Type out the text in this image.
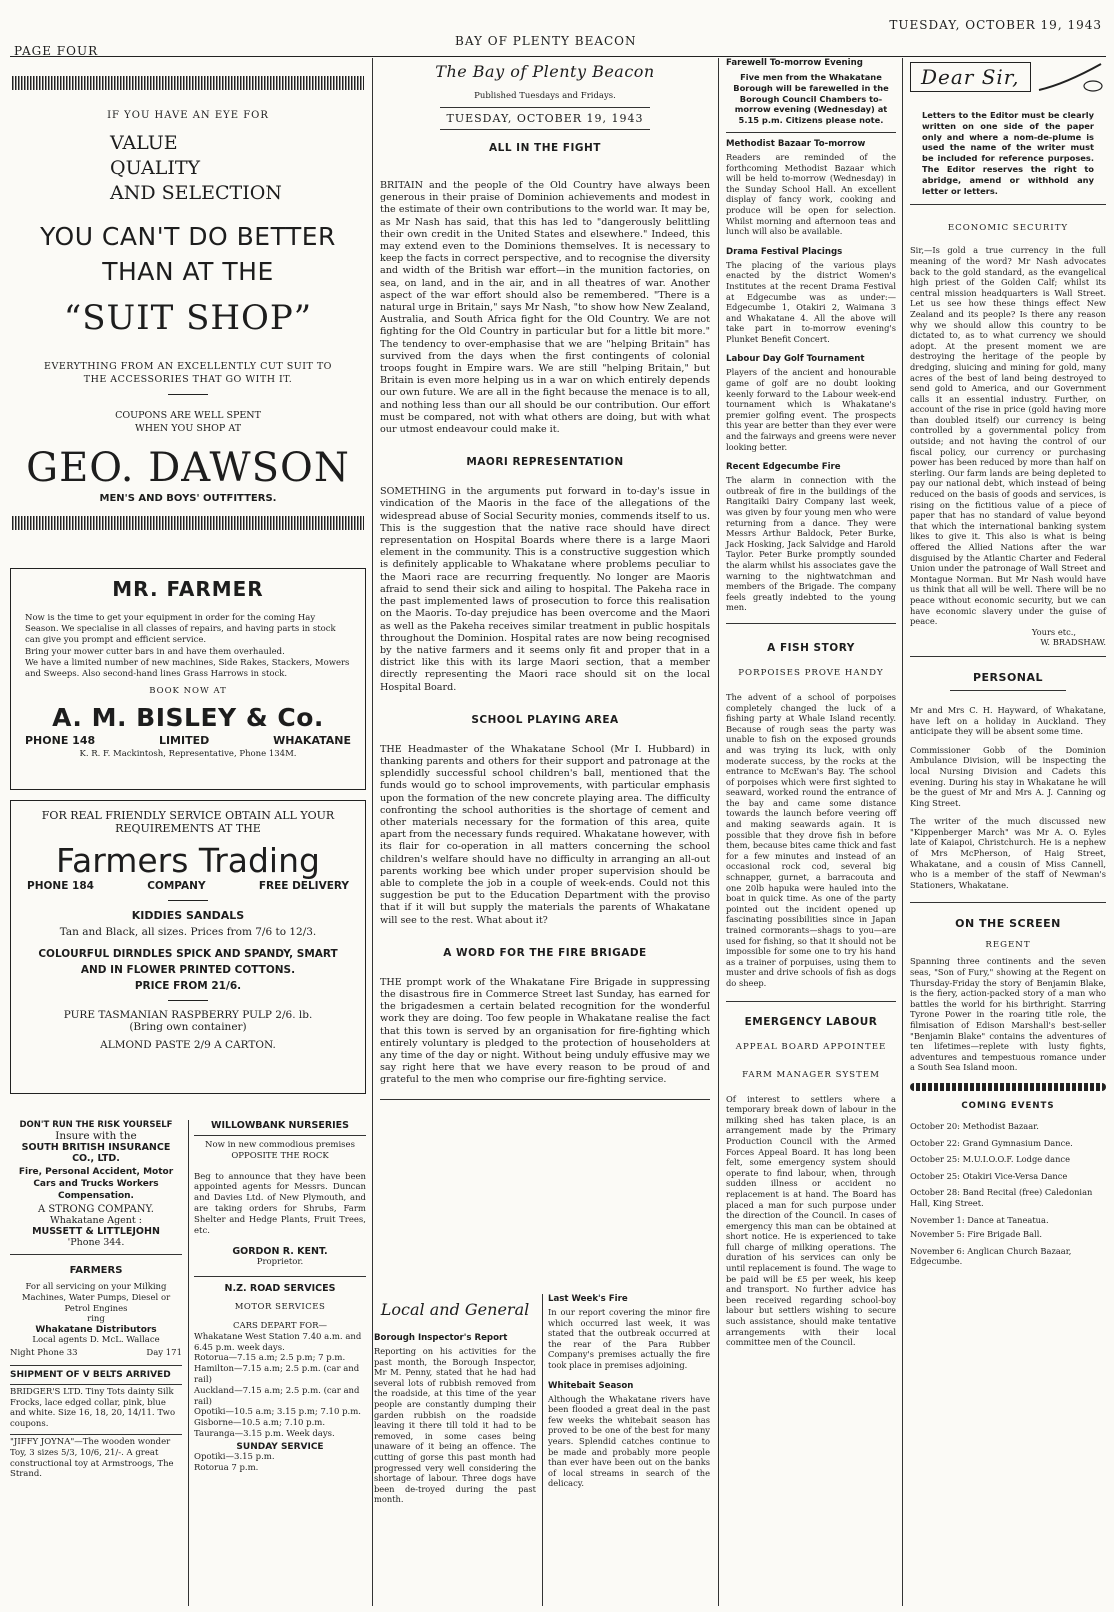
PAGE FOUR
BAY OF PLENTY BEACON
TUESDAY, OCTOBER 19, 1943
IF YOU HAVE AN EYE FOR
VALUE
QUALITY
AND SELECTION
YOU CAN'T DO BETTER
THAN AT THE
“SUIT SHOP”
EVERYTHING FROM AN EXCELLENTLY CUT SUIT TO THE ACCESSORIES THAT GO WITH IT.
COUPONS ARE WELL SPENT WHEN YOU SHOP AT
GEO. DAWSON
MEN'S AND BOYS' OUTFITTERS.
MR. FARMER
Now is the time to get your equipment in order for the coming Hay Season. We specialise in all classes of repairs, and having parts in stock can give you prompt and efficient service.
Bring your mower cutter bars in and have them overhauled.
We have a limited number of new machines, Side Rakes, Stackers, Mowers and Sweeps. Also second-hand lines Grass Harrows in stock.
BOOK NOW AT
A. M. BISLEY & Co.
PHONE 148	LIMITED	WHAKATANE
K. R. F. Mackintosh, Representative, Phone 134M.
FOR REAL FRIENDLY SERVICE OBTAIN ALL YOUR REQUIREMENTS AT THE
Farmers Trading
PHONE 184	COMPANY	FREE DELIVERY
KIDDIES SANDALS
Tan and Black, all sizes. Prices from 7/6 to 12/3.
COLOURFUL DIRNDLES SPICK AND SPANDY, SMART AND IN FLOWER PRINTED COTTONS.
PRICE FROM 21/6.
PURE TASMANIAN RASPBERRY PULP 2/6. lb.
(Bring own container)
ALMOND PASTE 2/9 A CARTON.
DON'T RUN THE RISK YOURSELF
Insure with the
SOUTH BRITISH INSURANCE CO., LTD.
Fire, Personal Accident, Motor Cars and Trucks Workers Compensation.
A STRONG COMPANY.
Whakatane Agent :
MUSSETT & LITTLEJOHN
'Phone 344.
FARMERS
For all servicing on your Milking Machines, Water Pumps, Diesel or Petrol Engines
ring
Whakatane Distributors
Local agents D. McL. Wallace
Night Phone 33	Day 171
SHIPMENT OF V BELTS ARRIVED
BRIDGER'S LTD. Tiny Tots dainty Silk Frocks, lace edged collar, pink, blue and white. Size 16, 18, 20, 14/11. Two coupons.
"JIFFY JOYNA"—The wooden wonder Toy, 3 sizes 5/3, 10/6, 21/-. A great constructional toy at Armstroogs, The Strand.
WILLOWBANK NURSERIES
Now in new commodious premises
OPPOSITE THE ROCK
Beg to announce that they have been appointed agents for Messrs. Duncan and Davies Ltd. of New Plymouth, and are taking orders for Shrubs, Farm Shelter and Hedge Plants, Fruit Trees, etc.
GORDON R. KENT.
Proprietor.
N.Z. ROAD SERVICES
MOTOR SERVICES
CARS DEPART FOR—
Whakatane West Station 7.40 a.m. and 6.45 p.m. week days.
Rotorua—7.15 a.m; 2.5 p.m; 7 p.m.
Hamilton—7.15 a.m; 2.5 p.m. (car and rail)
Auckland—7.15 a.m; 2.5 p.m. (car and rail)
Opotiki—10.5 a.m; 3.15 p.m; 7.10 p.m.
Gisborne—10.5 a.m; 7.10 p.m.
Tauranga—3.15 p.m. Week days.
SUNDAY SERVICE
Opotiki—3.15 p.m.
Rotorua 7 p.m.
The Bay of Plenty Beacon
Published Tuesdays and Fridays.
TUESDAY, OCTOBER 19, 1943
ALL IN THE FIGHT
BRITAIN and the people of the Old Country have always been generous in their praise of Dominion achievements and modest in the estimate of their own contributions to the world war. It may be, as Mr Nash has said, that this has led to "dangerously belittling their own credit in the United States and elsewhere." Indeed, this may extend even to the Dominions themselves. It is necessary to keep the facts in correct perspective, and to recognise the diversity and width of the British war effort—in the munition factories, on sea, on land, and in the air, and in all theatres of war. Another aspect of the war effort should also be remembered. "There is a natural urge in Britain," says Mr Nash, "to show how New Zealand, Australia, and South Africa fight for the Old Country. We are not fighting for the Old Country in particular but for a little bit more." The tendency to over-emphasise that we are "helping Britain" has survived from the days when the first contingents of colonial troops fought in Empire wars. We are still "helping Britain," but Britain is even more helping us in a war on which entirely depends our own future. We are all in the fight because the menace is to all, and nothing less than our all should be our contribution. Our effort must be compared, not with what others are doing, but with what our utmost endeavour could make it.
MAORI REPRESENTATION
SOMETHING in the arguments put forward in to-day's issue in vindication of the Maoris in the face of the allegations of the widespread abuse of Social Security monies, commends itself to us. This is the suggestion that the native race should have direct representation on Hospital Boards where there is a large Maori element in the community. This is a constructive suggestion which is definitely applicable to Whakatane where problems peculiar to the Maori race are recurring frequently. No longer are Maoris afraid to send their sick and ailing to hospital. The Pakeha race in the past implemented laws of prosecution to force this realisation on the Maoris. To-day prejudice has been overcome and the Maori as well as the Pakeha receives similar treatment in public hospitals throughout the Dominion. Hospital rates are now being recognised by the native farmers and it seems only fit and proper that in a district like this with its large Maori section, that a member directly representing the Maori race should sit on the local Hospital Board.
SCHOOL PLAYING AREA
THE Headmaster of the Whakatane School (Mr I. Hubbard) in thanking parents and others for their support and patronage at the splendidly successful school children's ball, mentioned that the funds would go to school improvements, with particular emphasis upon the formation of the new concrete playing area. The difficulty confronting the school authorities is the shortage of cement and other materials necessary for the formation of this area, quite apart from the necessary funds required. Whakatane however, with its flair for co-operation in all matters concerning the school children's welfare should have no difficulty in arranging an all-out parents working bee which under proper supervision should be able to complete the job in a couple of week-ends. Could not this suggestion be put to the Education Department with the proviso that if it will but supply the materials the parents of Whakatane will see to the rest. What about it?
A WORD FOR THE FIRE BRIGADE
THE prompt work of the Whakatane Fire Brigade in suppressing the disastrous fire in Commerce Street last Sunday, has earned for the brigadesmen a certain belated recognition for the wonderful work they are doing. Too few people in Whakatane realise the fact that this town is served by an organisation for fire-fighting which entirely voluntary is pledged to the protection of householders at any time of the day or night. Without being unduly effusive may we say right here that we have every reason to be proud of and grateful to the men who comprise our fire-fighting service.
Local and General
Borough Inspector's Report
Reporting on his activities for the past month, the Borough Inspector, Mr M. Penny, stated that he had had several lots of rubbish removed from the roadside, at this time of the year people are constantly dumping their garden rubbish on the roadside leaving it there till told it had to be removed, in some cases being unaware of it being an offence. The cutting of gorse this past month had progressed very well considering the shortage of labour. Three dogs have been de-troyed during the past month.
Last Week's Fire
In our report covering the minor fire which occurred last week, it was stated that the outbreak occurred at the rear of the Para Rubber Company's premises actually the fire took place in premises adjoining.
Whitebait Season
Although the Whakatane rivers have been flooded a great deal in the past few weeks the whitebait season has proved to be one of the best for many years. Splendid catches continue to be made and probably more people than ever have been out on the banks of local streams in search of the delicacy.
Farewell To-morrow Evening
Five men from the Whakatane Borough will be farewelled in the Borough Council Chambers to-morrow evening (Wednesday) at 5.15 p.m. Citizens please note.
Methodist Bazaar To-morrow
Readers are reminded of the forthcoming Methodist Bazaar which will be held to-morrow (Wednesday) in the Sunday School Hall. An excellent display of fancy work, cooking and produce will be open for selection. Whilst morning and afternoon teas and lunch will also be available.
Drama Festival Placings
The placing of the various plays enacted by the district Women's Institutes at the recent Drama Festival at Edgecumbe was as under:—Edgecumbe 1, Otakiri 2, Waimana 3 and Whakatane 4. All the above will take part in to-morrow evening's Plunket Benefit Concert.
Labour Day Golf Tournament
Players of the ancient and honourable game of golf are no doubt looking keenly forward to the Labour week-end tournament which is Whakatane's premier golfing event. The prospects this year are better than they ever were and the fairways and greens were never looking better.
Recent Edgecumbe Fire
The alarm in connection with the outbreak of fire in the buildings of the Rangitaiki Dairy Company last week, was given by four young men who were returning from a dance. They were Messrs Arthur Baldock, Peter Burke, Jack Hosking, Jack Salvidge and Harold Taylor. Peter Burke promptly sounded the alarm whilst his associates gave the warning to the nightwatchman and members of the Brigade. The company feels greatly indebted to the young men.
A FISH STORY
PORPOISES PROVE HANDY
The advent of a school of porpoises completely changed the luck of a fishing party at Whale Island recently. Because of rough seas the party was unable to fish on the exposed grounds and was trying its luck, with only moderate success, by the rocks at the entrance to McEwan's Bay. The school of porpoises which were first sighted to seaward, worked round the entrance of the bay and came some distance towards the launch before veering off and making seawards again. It is possible that they drove fish in before them, because bites came thick and fast for a few minutes and instead of an occasional rock cod, several big schnapper, gurnet, a barracouta and one 20lb hapuka were hauled into the boat in quick time. As one of the party pointed out the incident opened up fascinating possibilities since in Japan trained cormorants—shags to you—are used for fishing, so that it should not be impossible for some one to try his hand as a trainer of porpuises, using them to muster and drive schools of fish as dogs do sheep.
EMERGENCY LABOUR
APPEAL BOARD APPOINTEE
FARM MANAGER SYSTEM
Of interest to settlers where a temporary break down of labour in the milking shed has taken place, is an arrangement made by the Primary Production Council with the Armed Forces Appeal Board. It has long been felt, some emergency system should operate to find labour, when, through sudden illness or accident no replacement is at hand. The Board has placed a man for such purpose under the direction of the Council. In cases of emergency this man can be obtained at short notice. He is experienced to take full charge of milking operations. The duration of his services can only be until replacement is found. The wage to be paid will be £5 per week, his keep and transport. No further advice has been received regarding school-boy labour but settlers wishing to secure such assistance, should make tentative arrangements with their local committee men of the Council.
Dear Sir,
Letters to the Editor must be clearly written on one side of the paper only and where a nom-de-plume is used the name of the writer must be included for reference purposes. The Editor reserves the right to abridge, amend or withhold any letter or letters.
ECONOMIC SECURITY
Sir,—Is gold a true currency in the full meaning of the word? Mr Nash advocates back to the gold standard, as the evangelical high priest of the Golden Calf; whilst its central mission headquarters is Wall Street. Let us see how these things effect New Zealand and its people? Is there any reason why we should allow this country to be dictated to, as to what currency we should adopt. At the present moment we are destroying the heritage of the people by dredging, sluicing and mining for gold, many acres of the best of land being destroyed to send gold to America, and our Government calls it an essential industry. Further, on account of the rise in price (gold having more than doubled itself) our currency is being controlled by a governmental policy from outside; and not having the control of our fiscal policy, our currency or purchasing power has been reduced by more than half on sterling. Our farm lands are being depleted to pay our national debt, which instead of being reduced on the basis of goods and services, is rising on the fictitious value of a piece of paper that has no standard of value beyond that which the international banking system likes to give it. This also is what is being offered the Allied Nations after the war disguised by the Atlantic Charter and Federal Union under the patronage of Wall Street and Montague Norman. But Mr Nash would have us think that all will be well. There will be no peace without economic security, but we can have economic slavery under the guise of peace.
Yours etc.,
W. BRADSHAW.
PERSONAL
Mr and Mrs C. H. Hayward, of Whakatane, have left on a holiday in Auckland. They anticipate they will be absent some time.
Commissioner Gobb of the Dominion Ambulance Division, will be inspecting the local Nursing Division and Cadets this evening. During his stay in Whakatane he will be the guest of Mr and Mrs A. J. Canning og King Street.
The writer of the much discussed new "Kippenberger March" was Mr A. O. Eyles late of Kaiapoi, Christchurch. He is a nephew of Mrs McPherson, of Haig Street, Whakatane, and a cousin of Miss Cannell, who is a member of the staff of Newman's Stationers, Whakatane.
ON THE SCREEN
REGENT
Spanning three continents and the seven seas, "Son of Fury," showing at the Regent on Thursday-Friday the story of Benjamin Blake, is the fiery, action-packed story of a man who battles the world for his birthright. Starring Tyrone Power in the roaring title role, the filmisation of Edison Marshall's best-seller "Benjamin Blake" contains the adventures of ten lifetimes—replete with lusty fights, adventures and tempestuous romance under a South Sea Island moon.
COMING EVENTS
October 20: Methodist Bazaar.
October 22: Grand Gymnasium Dance.
October 25: M.U.I.O.O.F. Lodge dance
October 25: Otakiri Vice-Versa Dance
October 28: Band Recital (free) Caledonian Hall, King Street.
November 1: Dance at Taneatua.
November 5: Fire Brigade Ball.
November 6: Anglican Church Bazaar, Edgecumbe.
